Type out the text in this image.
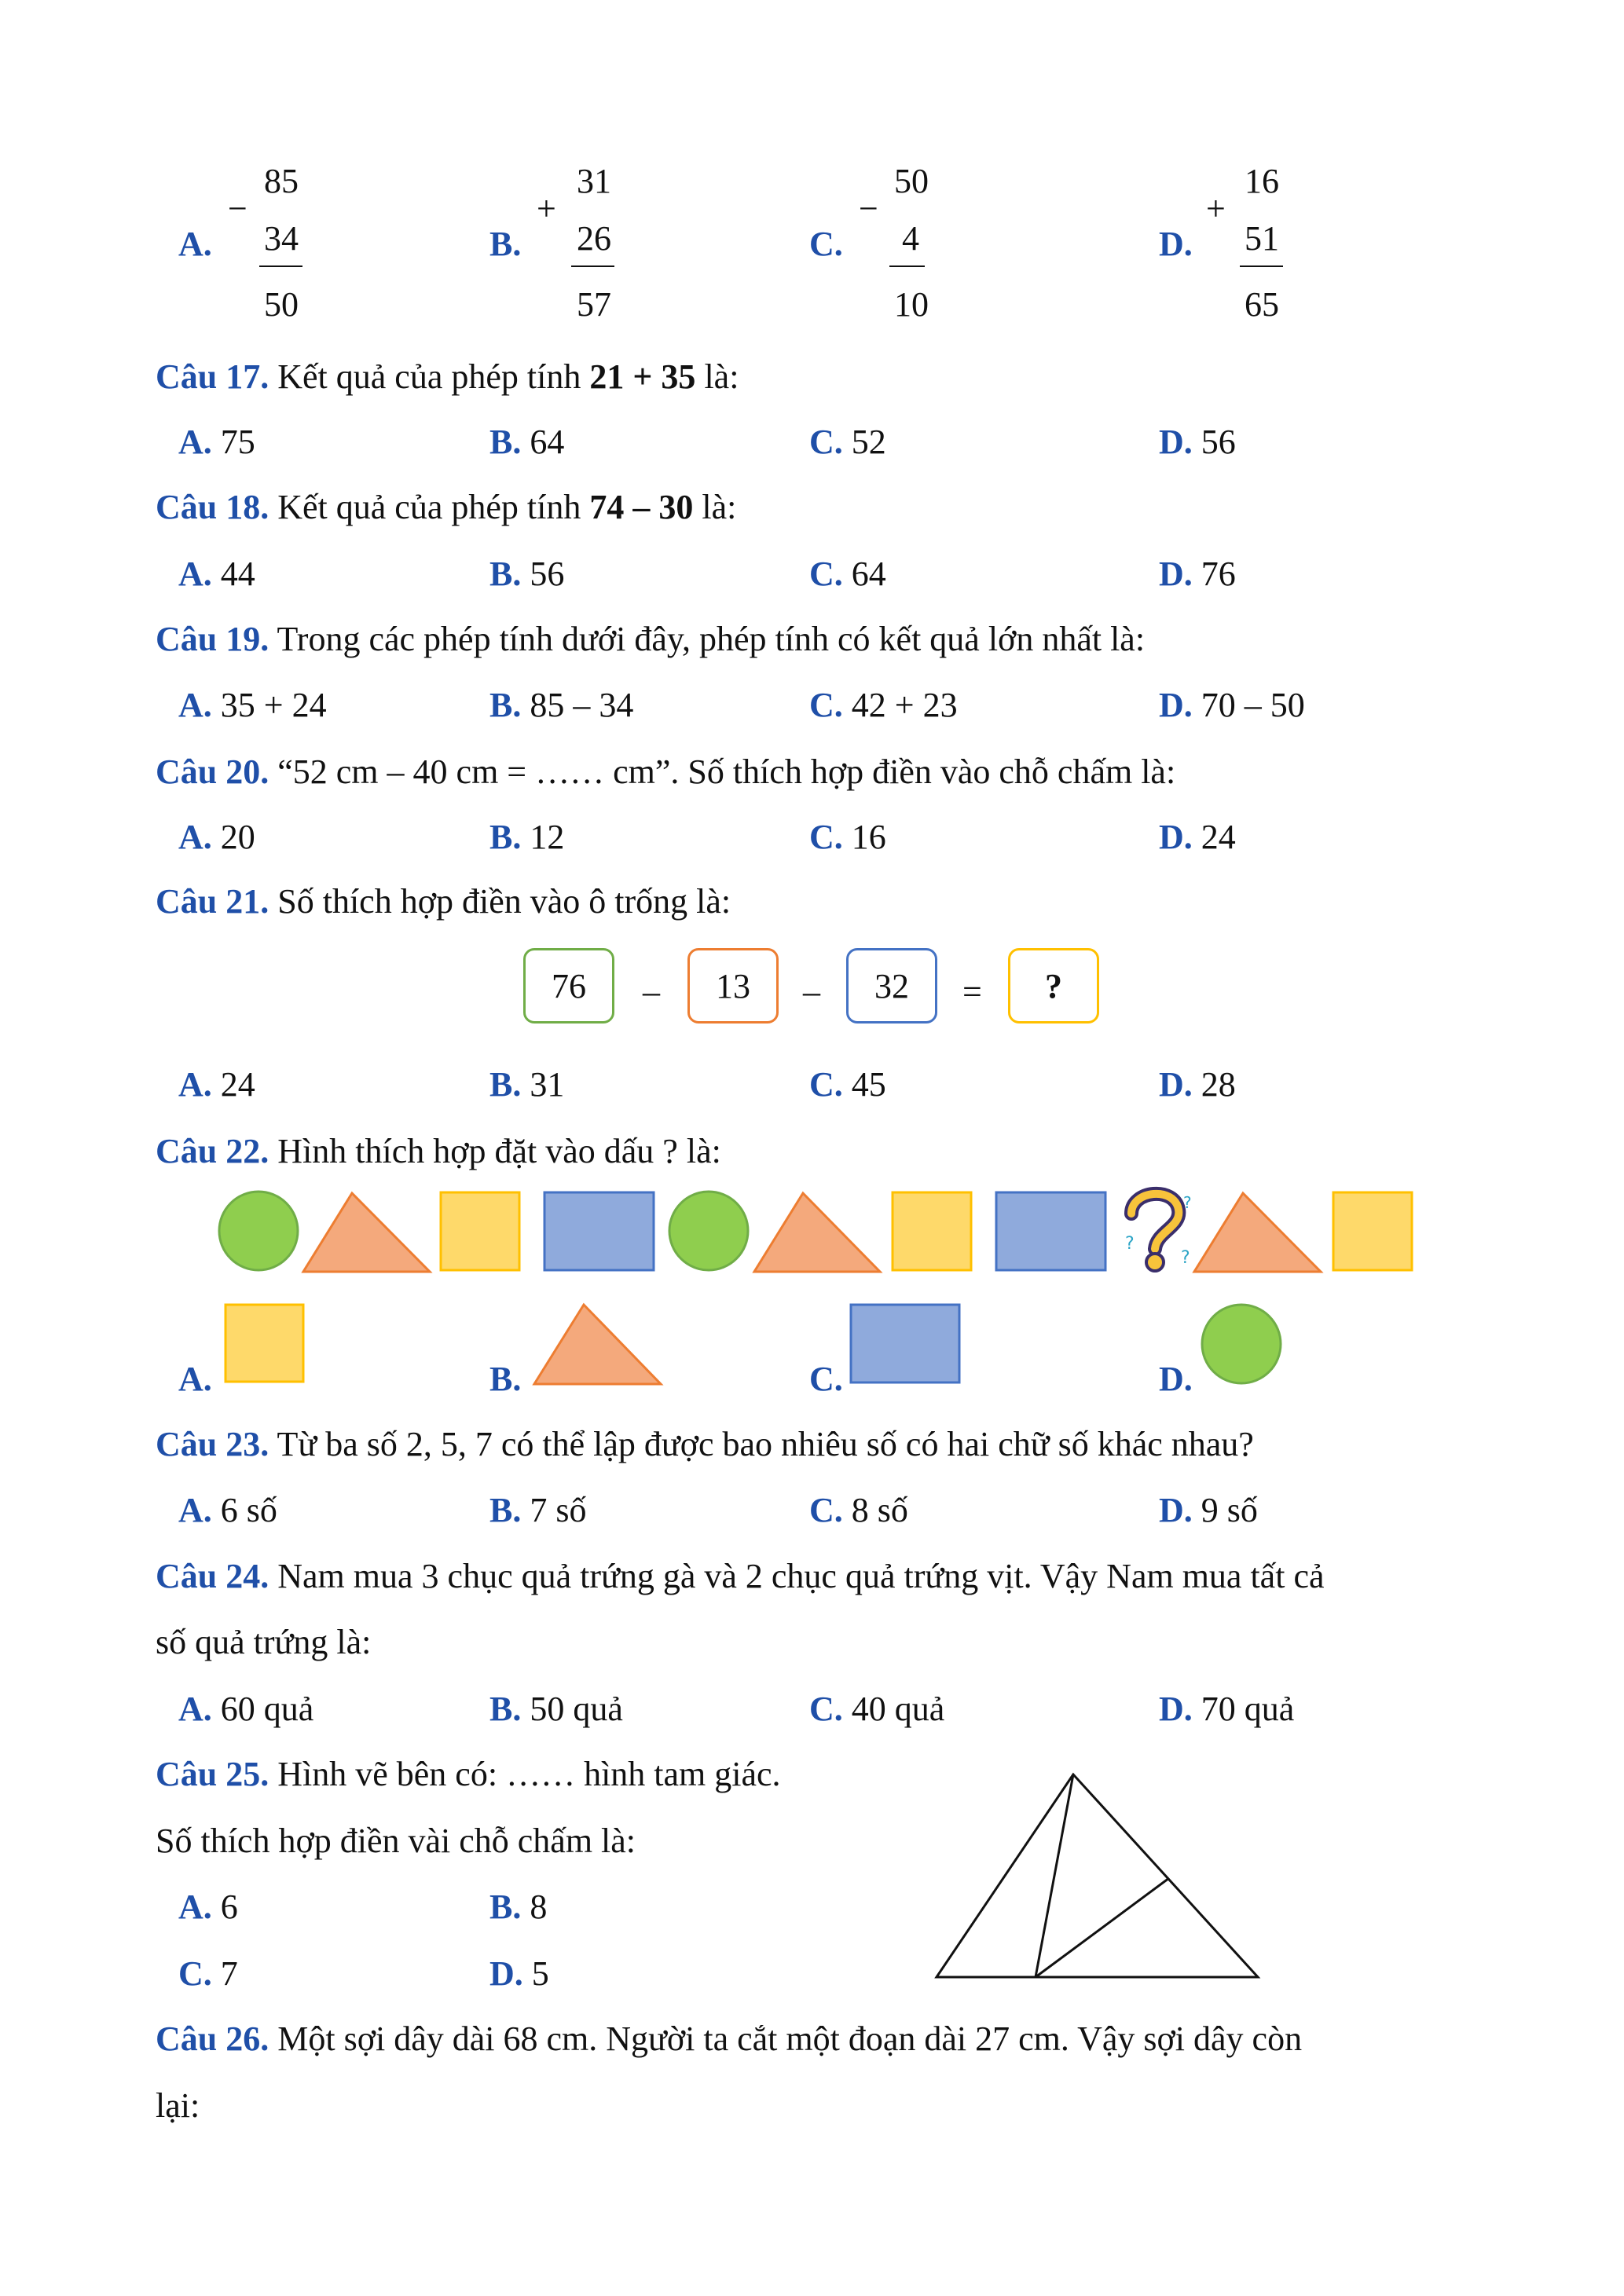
A.
−
85
34
50
B.
+
31
26
57
C.
−
50
4
10
D.
+
16
51
65
Câu 17. Kết quả của phép tính 21 + 35 là:
A. 75	B. 64	C. 52	D. 56
Câu 18. Kết quả của phép tính 74 – 30 là:
A. 44	B. 56	C. 64	D. 76
Câu 19. Trong các phép tính dưới đây, phép tính có kết quả lớn nhất là:
A. 35 + 24	B. 85 – 34	C. 42 + 23	D. 70 – 50
Câu 20. “52 cm – 40 cm = …… cm”. Số thích hợp điền vào chỗ chấm là:
A. 20	B. 12	C. 16	D. 24
Câu 21. Số thích hợp điền vào ô trống là:
76	–	13	–	32	=	?
A. 24	B. 31	C. 45	D. 28
Câu 22. Hình thích hợp đặt vào dấu ? là:
?
?
?
A.	B.	C.	D.
Câu 23. Từ ba số 2, 5, 7 có thể lập được bao nhiêu số có hai chữ số khác nhau?
A. 6 số	B. 7 số	C. 8 số	D. 9 số
Câu 24. Nam mua 3 chục quả trứng gà và 2 chục quả trứng vịt. Vậy Nam mua tất cả
số quả trứng là:
A. 60 quả	B. 50 quả	C. 40 quả	D. 70 quả
Câu 25. Hình vẽ bên có: …… hình tam giác.
Số thích hợp điền vài chỗ chấm là:
A. 6	B. 8
C. 7	D. 5
Câu 26. Một sợi dây dài 68 cm. Người ta cắt một đoạn dài 27 cm. Vậy sợi dây còn
lại:
